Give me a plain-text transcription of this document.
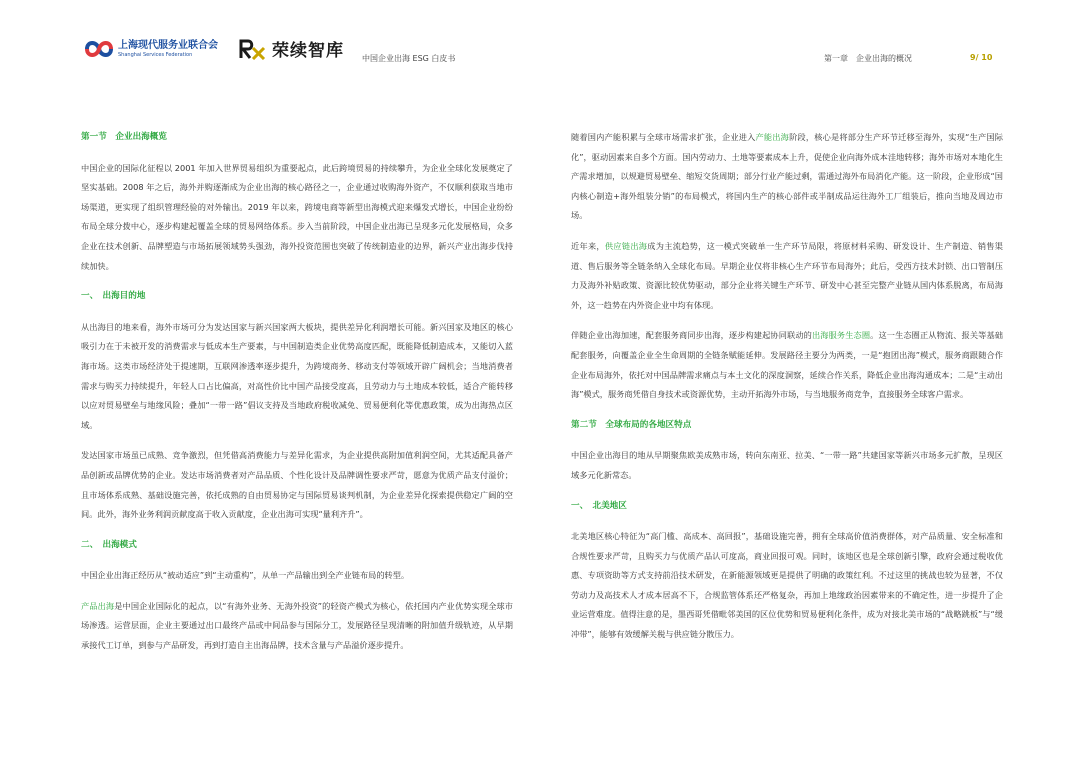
上海现代服务业联合会
Shanghai Services Federation	荣续智库 中国企业出海 ESG 白皮书	第一章　企业出海的概况	9/ 10
第一节　企业出海概览

中国企业的国际化征程以 2001 年加入世界贸易组织为重要起点，此后跨境贸易的持续攀升，为企业全球化发展奠定了坚实基础。2008 年之后，海外并购逐渐成为企业出海的核心路径之一，企业通过收购海外资产，不仅顺利获取当地市场渠道，更实现了组织管理经验的对外输出。2019 年以来，跨境电商等新型出海模式迎来爆发式增长，中国企业纷纷布局全球分拨中心，逐步构建起覆盖全球的贸易网络体系。步入当前阶段，中国企业出海已呈现多元化发展格局，众多企业在技术创新、品牌塑造与市场拓展领域势头强劲，海外投资范围也突破了传统制造业的边界，新兴产业出海步伐持续加快。

一、　出海目的地

从出海目的地来看，海外市场可分为发达国家与新兴国家两大板块，提供差异化利润增长可能。新兴国家及地区的核心吸引力在于未被开发的消费需求与低成本生产要素，与中国制造类企业优势高度匹配，既能降低制造成本，又能切入蓝海市场。这类市场经济处于提速期，互联网渗透率逐步提升，为跨境商务、移动支付等领域开辟广阔机会；当地消费者需求与购买力持续提升，年轻人口占比偏高，对高性价比中国产品接受度高，且劳动力与土地成本较低，适合产能转移以应对贸易壁垒与地缘风险；叠加“一带一路”倡议支持及当地政府税收减免、贸易便利化等优惠政策，成为出海热点区域。

发达国家市场虽已成熟、竞争激烈，但凭借高消费能力与差异化需求，为企业提供高附加值利润空间，尤其适配具备产品创新或品牌优势的企业。发达市场消费者对产品品质、个性化设计及品牌调性要求严苛，愿意为优质产品支付溢价；且市场体系成熟、基础设施完善，依托成熟的自由贸易协定与国际贸易谈判机制，为企业差异化探索提供稳定广阔的空间。此外，海外业务利润贡献度高于收入贡献度，企业出海可实现“量利齐升”。

二、　出海模式

中国企业出海正经历从“被动适应”到“主动重构”，从单一产品输出到全产业链布局的转型。

产品出海是中国企业国际化的起点，以“有海外业务、无海外投资”的轻资产模式为核心，依托国内产业优势实现全球市场渗透。运营层面，企业主要通过出口最终产品或中间品参与国际分工，发展路径呈现清晰的附加值升级轨迹，从早期承接代工订单，到参与产品研发，再到打造自主出海品牌，技术含量与产品溢价逐步提升。

随着国内产能积累与全球市场需求扩张，企业进入产能出海阶段，核心是将部分生产环节迁移至海外，实现“生产国际化”，驱动因素来自多个方面。国内劳动力、土地等要素成本上升，促使企业向海外成本洼地转移；海外市场对本地化生产需求增加，以规避贸易壁垒、缩短交货周期；部分行业产能过剩，需通过海外布局消化产能。这一阶段，企业形成“国内核心制造+海外组装分销”的布局模式，将国内生产的核心部件或半制成品运往海外工厂组装后，推向当地及周边市场。

近年来，供应链出海成为主流趋势，这一模式突破单一生产环节局限，将原材料采购、研发设计、生产制造、销售渠道、售后服务等全链条纳入全球化布局。早期企业仅将非核心生产环节布局海外；此后，受西方技术封锁、出口管制压力及海外补贴政策、资源比较优势驱动，部分企业将关键生产环节、研发中心甚至完整产业链从国内体系脱离，布局海外，这一趋势在内外资企业中均有体现。

伴随企业出海加速，配套服务商同步出海，逐步构建起协同联动的出海服务生态圈。这一生态圈正从物流、报关等基础配套服务，向覆盖企业全生命周期的全链条赋能延伸。发展路径主要分为两类，一是“抱团出海”模式，服务商跟随合作企业布局海外，依托对中国品牌需求痛点与本土文化的深度洞察，延续合作关系，降低企业出海沟通成本；二是“主动出海”模式，服务商凭借自身技术或资源优势，主动开拓海外市场，与当地服务商竞争，直接服务全球客户需求。

第二节　全球布局的各地区特点

中国企业出海目的地从早期聚焦欧美成熟市场，转向东南亚、拉美、“一带一路”共建国家等新兴市场多元扩散，呈现区域多元化新常态。

一、　北美地区

北美地区核心特征为“高门槛、高成本、高回报”，基础设施完善，拥有全球高价值消费群体，对产品质量、安全标准和合规性要求严苛，且购买力与优质产品认可度高，商业回报可观。同时，该地区也是全球创新引擎，政府会通过税收优惠、专项资助等方式支持前沿技术研发，在新能源领域更是提供了明确的政策红利。不过这里的挑战也较为显著，不仅劳动力及高技术人才成本居高不下，合规监管体系还严格复杂，再加上地缘政治因素带来的不确定性，进一步提升了企业运营难度。值得注意的是，墨西哥凭借毗邻美国的区位优势和贸易便利化条件，成为对接北美市场的“战略跳板”与“缓冲带”，能够有效缓解关税与供应链分散压力。
